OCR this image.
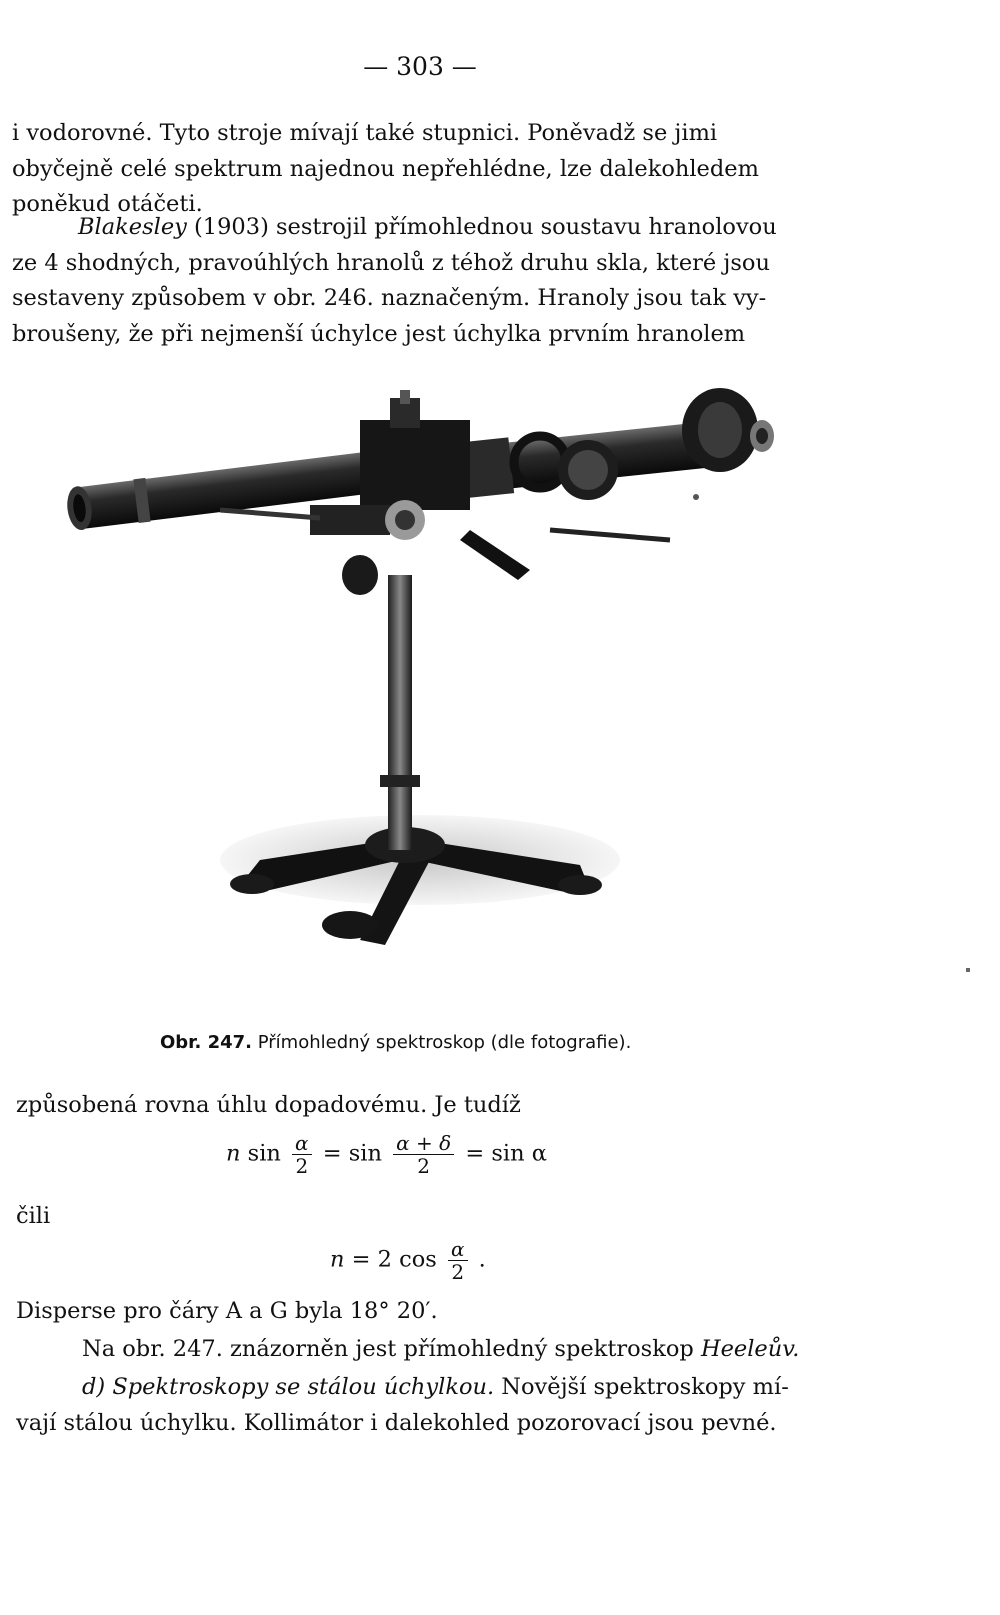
— 303 —

i vodorovné. Tyto stroje mívají také stupnici. Poněvadž se jimi
obyčejně celé spektrum najednou nepřehlédne, lze dalekohledem
poněkud otáčeti.

Blakesley (1903) sestrojil přímohlednou soustavu hranolovou
ze 4 shodných, pravoúhlých hranolů z téhož druhu skla, které jsou
sestaveny způsobem v obr. 246. naznačeným. Hranoly jsou tak vy-
broušeny, že při nejmenší úchylce jest úchylka prvním hranolem

Obr. 247. Přímohledný spektroskop (dle fotografie).
způsobená rovna úhlu dopadovému. Je tudíž
n $\sin \frac{\alpha}{2} = \sin \frac{\alpha + \delta}{2} = \sin \alpha$
čili
n = 2 $\cos \frac{\alpha}{2}$ .
Disperse pro čáry A a G byla 18° 20′.
Na obr. 247. znázorněn jest přímohledný spektroskop Heeleův.
d) Spektroskopy se stálou úchylkou. Novější spektroskopy mí-
vají stálou úchylku. Kollimátor i dalekohled pozorovací jsou pevné.
